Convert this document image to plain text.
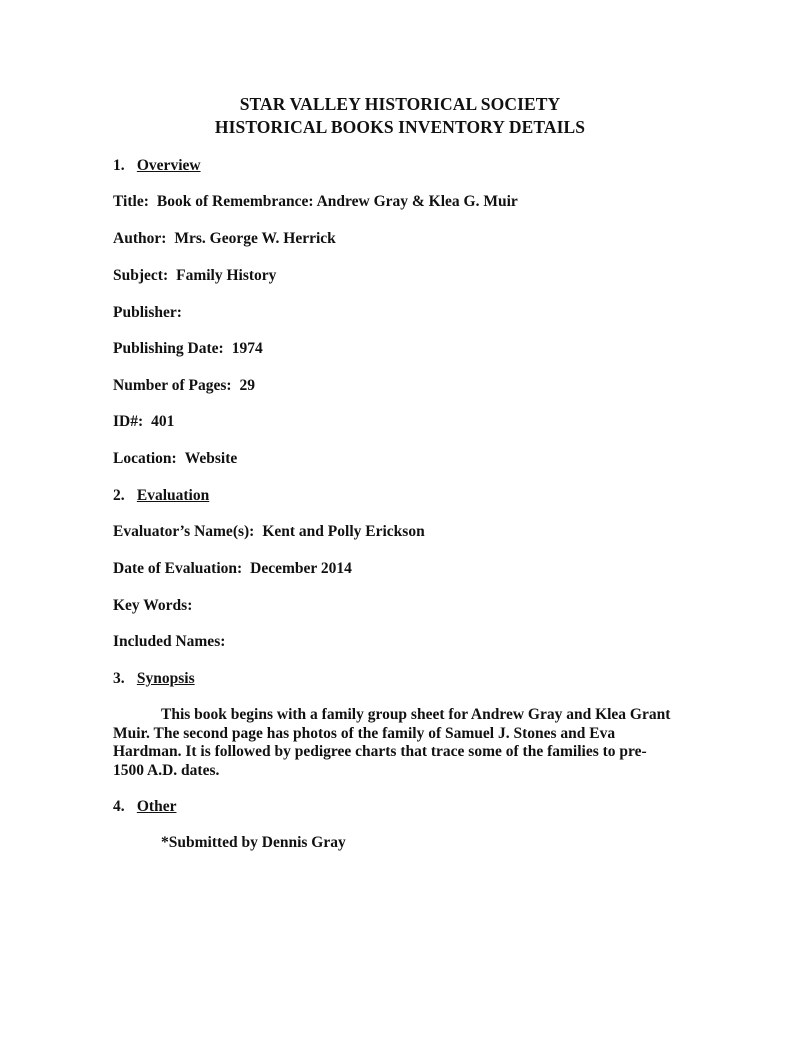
STAR VALLEY HISTORICAL SOCIETY
HISTORICAL BOOKS INVENTORY DETAILS
1. Overview
Title: Book of Remembrance: Andrew Gray & Klea G. Muir
Author: Mrs. George W. Herrick
Subject: Family History
Publisher:
Publishing Date: 1974
Number of Pages: 29
ID#: 401
Location: Website
2. Evaluation
Evaluator’s Name(s): Kent and Polly Erickson
Date of Evaluation: December 2014
Key Words:
Included Names:
3. Synopsis
This book begins with a family group sheet for Andrew Gray and Klea Grant
Muir. The second page has photos of the family of Samuel J. Stones and Eva
Hardman. It is followed by pedigree charts that trace some of the families to pre-
1500 A.D. dates.
4. Other
*Submitted by Dennis Gray
